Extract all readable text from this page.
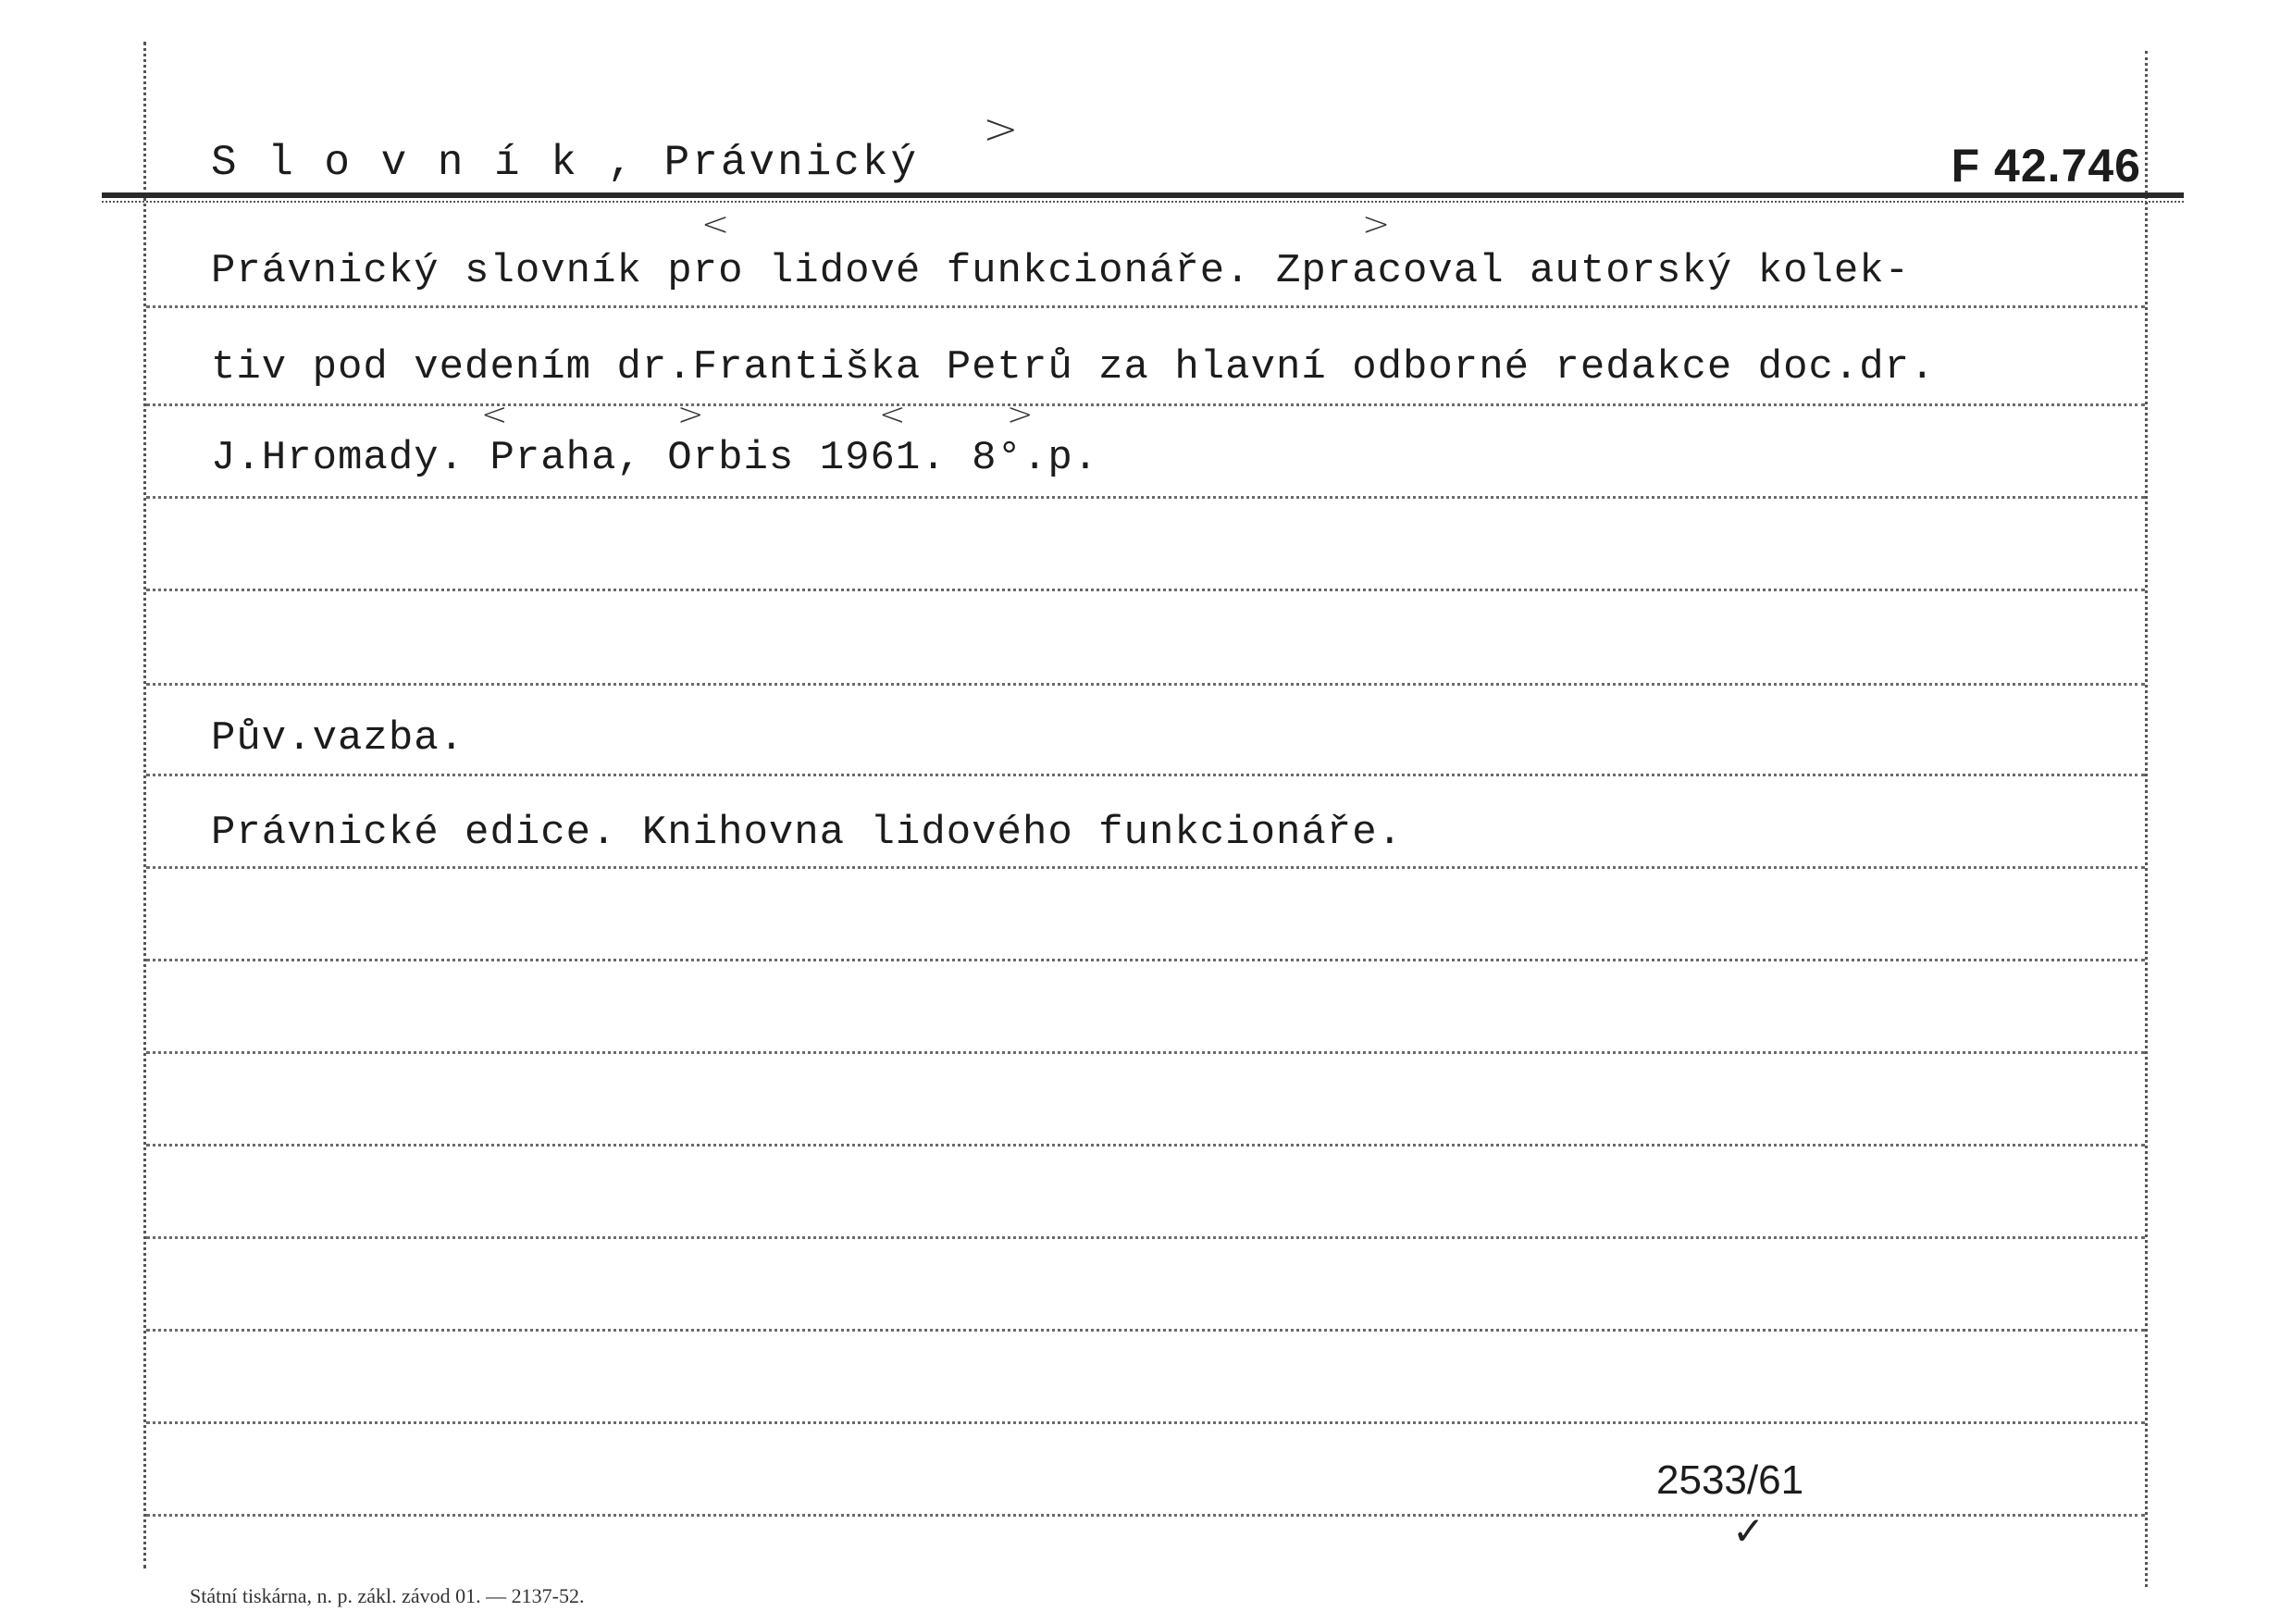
S l o v n í k , Právnický	F 42.746
>
<	>
Právnický slovník pro lidové funkcionáře. Zpracoval autorský kolek-
tiv pod vedením dr.Františka Petrů za hlavní odborné redakce doc.dr.
<	>	<	>
J.Hromady. Praha, Orbis 1961. 8°.p.
Pův.vazba.
Právnické edice. Knihovna lidového funkcionáře.
2533/61
✓
Státní tiskárna, n. p. zákl. závod 01. — 2137-52.
